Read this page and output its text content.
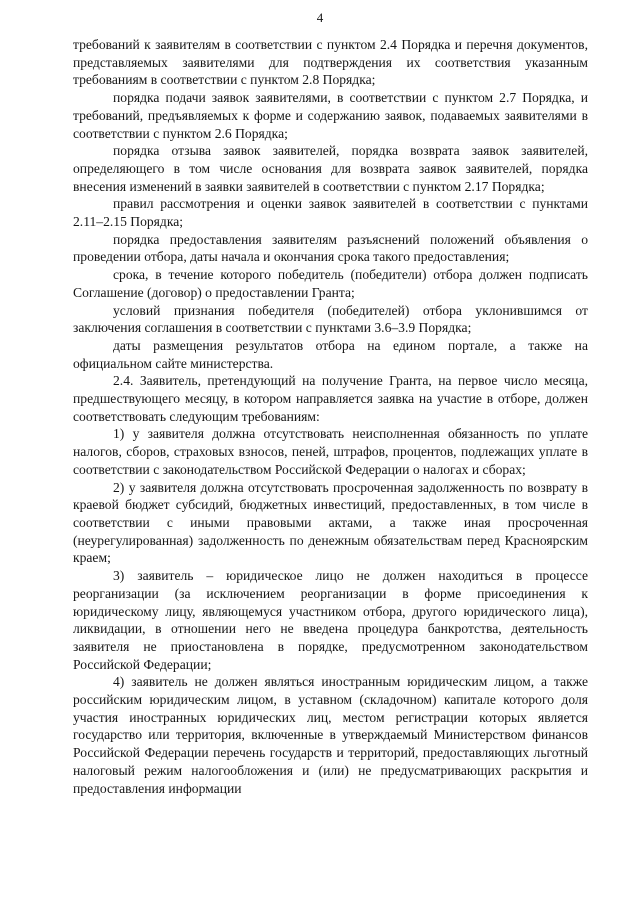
4

требований к заявителям в соответствии с пунктом 2.4 Порядка и перечня документов, представляемых заявителями для подтверждения их соответствия указанным требованиям в соответствии с пунктом 2.8 Порядка;

порядка подачи заявок заявителями, в соответствии с пунктом 2.7 Порядка, и требований, предъявляемых к форме и содержанию заявок, подаваемых заявителями в соответствии с пунктом 2.6 Порядка;

порядка отзыва заявок заявителей, порядка возврата заявок заявителей, определяющего в том числе основания для возврата заявок заявителей, порядка внесения изменений в заявки заявителей в соответствии с пунктом 2.17 Порядка;

правил рассмотрения и оценки заявок заявителей в соответствии с пунктами 2.11–2.15 Порядка;

порядка предоставления заявителям разъяснений положений объявления о проведении отбора, даты начала и окончания срока такого предоставления;

срока, в течение которого победитель (победители) отбора должен подписать Соглашение (договор) о предоставлении Гранта;

условий признания победителя (победителей) отбора уклонившимся от заключения соглашения в соответствии с пунктами 3.6–3.9 Порядка;

даты размещения результатов отбора на едином портале, а также на официальном сайте министерства.

2.4. Заявитель, претендующий на получение Гранта, на первое число месяца, предшествующего месяцу, в котором направляется заявка на участие в отборе, должен соответствовать следующим требованиям:

1) у заявителя должна отсутствовать неисполненная обязанность по уплате налогов, сборов, страховых взносов, пеней, штрафов, процентов, подлежащих уплате в соответствии с законодательством Российской Федерации о налогах и сборах;

2) у заявителя должна отсутствовать просроченная задолженность по возврату в краевой бюджет субсидий, бюджетных инвестиций, предоставленных, в том числе в соответствии с иными правовыми актами, а также иная просроченная (неурегулированная) задолженность по денежным обязательствам перед Красноярским краем;

3) заявитель – юридическое лицо не должен находиться в процессе реорганизации (за исключением реорганизации в форме присоединения к юридическому лицу, являющемуся участником отбора, другого юридического лица), ликвидации, в отношении него не введена процедура банкротства, деятельность заявителя не приостановлена в порядке, предусмотренном законодательством Российской Федерации;

4) заявитель не должен являться иностранным юридическим лицом, а также российским юридическим лицом, в уставном (складочном) капитале которого доля участия иностранных юридических лиц, местом регистрации которых является государство или территория, включенные в утверждаемый Министерством финансов Российской Федерации перечень государств и территорий, предоставляющих льготный налоговый режим налогообложения и (или) не предусматривающих раскрытия и предоставления информации
